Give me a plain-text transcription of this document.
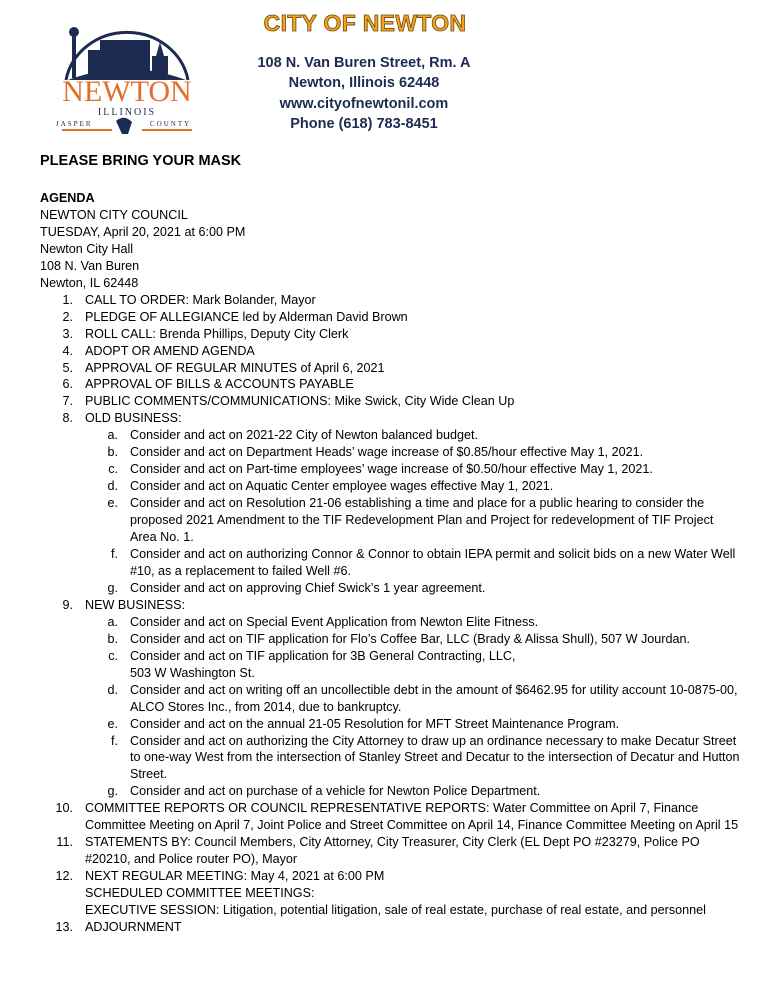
NEWTON
ILLINOIS
JASPER	COUNTY
CITY OF NEWTON
108 N. Van Buren Street, Rm. A
Newton, Illinois 62448
www.cityofnewtonil.com
Phone (618) 783-8451
PLEASE BRING YOUR MASK
AGENDA
NEWTON CITY COUNCIL
TUESDAY, April 20, 2021 at 6:00 PM
Newton City Hall
108 N. Van Buren
Newton, IL 62448
1. CALL TO ORDER: Mark Bolander, Mayor
2. PLEDGE OF ALLEGIANCE led by Alderman David Brown
3. ROLL CALL: Brenda Phillips, Deputy City Clerk
4. ADOPT OR AMEND AGENDA
5. APPROVAL OF REGULAR MINUTES of April 6, 2021
6. APPROVAL OF BILLS & ACCOUNTS PAYABLE
7. PUBLIC COMMENTS/COMMUNICATIONS: Mike Swick, City Wide Clean Up
8. OLD BUSINESS:
a. Consider and act on 2021-22 City of Newton balanced budget.
b. Consider and act on Department Heads’ wage increase of $0.85/hour effective May 1, 2021.
c. Consider and act on Part-time employees’ wage increase of $0.50/hour effective May 1, 2021.
d. Consider and act on Aquatic Center employee wages effective May 1, 2021.
e. Consider and act on Resolution 21-06 establishing a time and place for a public hearing to consider the proposed 2021 Amendment to the TIF Redevelopment Plan and Project for redevelopment of TIF Project Area No. 1.
f. Consider and act on authorizing Connor & Connor to obtain IEPA permit and solicit bids on a new Water Well #10, as a replacement to failed Well #6.
g. Consider and act on approving Chief Swick’s 1 year agreement.
9. NEW BUSINESS:
a. Consider and act on Special Event Application from Newton Elite Fitness.
b. Consider and act on TIF application for Flo’s Coffee Bar, LLC (Brady & Alissa Shull), 507 W Jourdan.
c. Consider and act on TIF application for 3B General Contracting, LLC,
503 W Washington St.
d. Consider and act on writing off an uncollectible debt in the amount of $6462.95 for utility account 10-0875-00, ALCO Stores Inc., from 2014, due to bankruptcy.
e. Consider and act on the annual 21-05 Resolution for MFT Street Maintenance Program.
f. Consider and act on authorizing the City Attorney to draw up an ordinance necessary to make Decatur Street to one-way West from the intersection of Stanley Street and Decatur to the intersection of Decatur and Hutton Street.
g. Consider and act on purchase of a vehicle for Newton Police Department.
10. COMMITTEE REPORTS OR COUNCIL REPRESENTATIVE REPORTS: Water Committee on April 7, Finance Committee Meeting on April 7, Joint Police and Street Committee on April 14, Finance Committee Meeting on April 15
11. STATEMENTS BY: Council Members, City Attorney, City Treasurer, City Clerk (EL Dept PO #23279, Police PO #20210, and Police router PO), Mayor
12. NEXT REGULAR MEETING: May 4, 2021 at 6:00 PM
SCHEDULED COMMITTEE MEETINGS:
EXECUTIVE SESSION: Litigation, potential litigation, sale of real estate, purchase of real estate, and personnel
13. ADJOURNMENT
